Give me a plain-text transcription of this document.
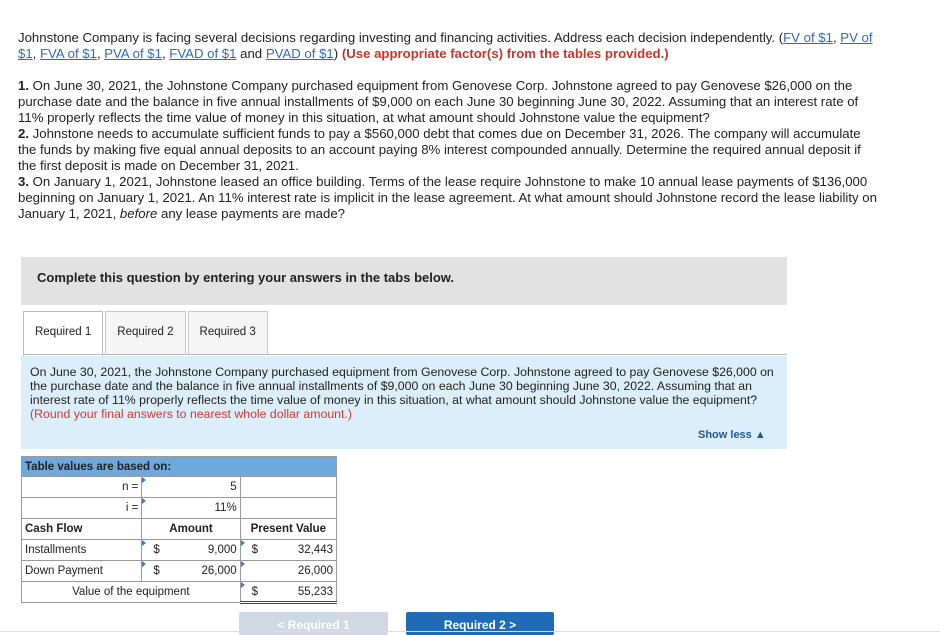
Johnstone Company is facing several decisions regarding investing and financing activities. Address each decision independently. (FV of $1, PV of $1, FVA of $1, PVA of $1, FVAD of $1 and PVAD of $1) (Use appropriate factor(s) from the tables provided.)

1. On June 30, 2021, the Johnstone Company purchased equipment from Genovese Corp. Johnstone agreed to pay Genovese $26,000 on the purchase date and the balance in five annual installments of $9,000 on each June 30 beginning June 30, 2022. Assuming that an interest rate of 11% properly reflects the time value of money in this situation, at what amount should Johnstone value the equipment?

2. Johnstone needs to accumulate sufficient funds to pay a $560,000 debt that comes due on December 31, 2026. The company will accumulate the funds by making five equal annual deposits to an account paying 8% interest compounded annually. Determine the required annual deposit if the first deposit is made on December 31, 2021.

3. On January 1, 2021, Johnstone leased an office building. Terms of the lease require Johnstone to make 10 annual lease payments of $136,000 beginning on January 1, 2021. An 11% interest rate is implicit in the lease agreement. At what amount should Johnstone record the lease liability on January 1, 2021, before any lease payments are made?

Complete this question by entering your answers in the tabs below.
Required 1	Required 2	Required 3
On June 30, 2021, the Johnstone Company purchased equipment from Genovese Corp. Johnstone agreed to pay Genovese $26,000 on the purchase date and the balance in five annual installments of $9,000 on each June 30 beginning June 30, 2022. Assuming that an interest rate of 11% properly reflects the time value of money in this situation, at what amount should Johnstone value the equipment? (Round your final answers to nearest whole dollar amount.)
Show less ▲
Table values are based on:		
n =	5	
i =	11%	
Cash Flow	Amount	Present Value
Installments	$ 9,000	$ 32,443

Down Payment	$ 26,000	26,000
Value of the equipment		$ 55,233
< Required 1	Required 2 >
